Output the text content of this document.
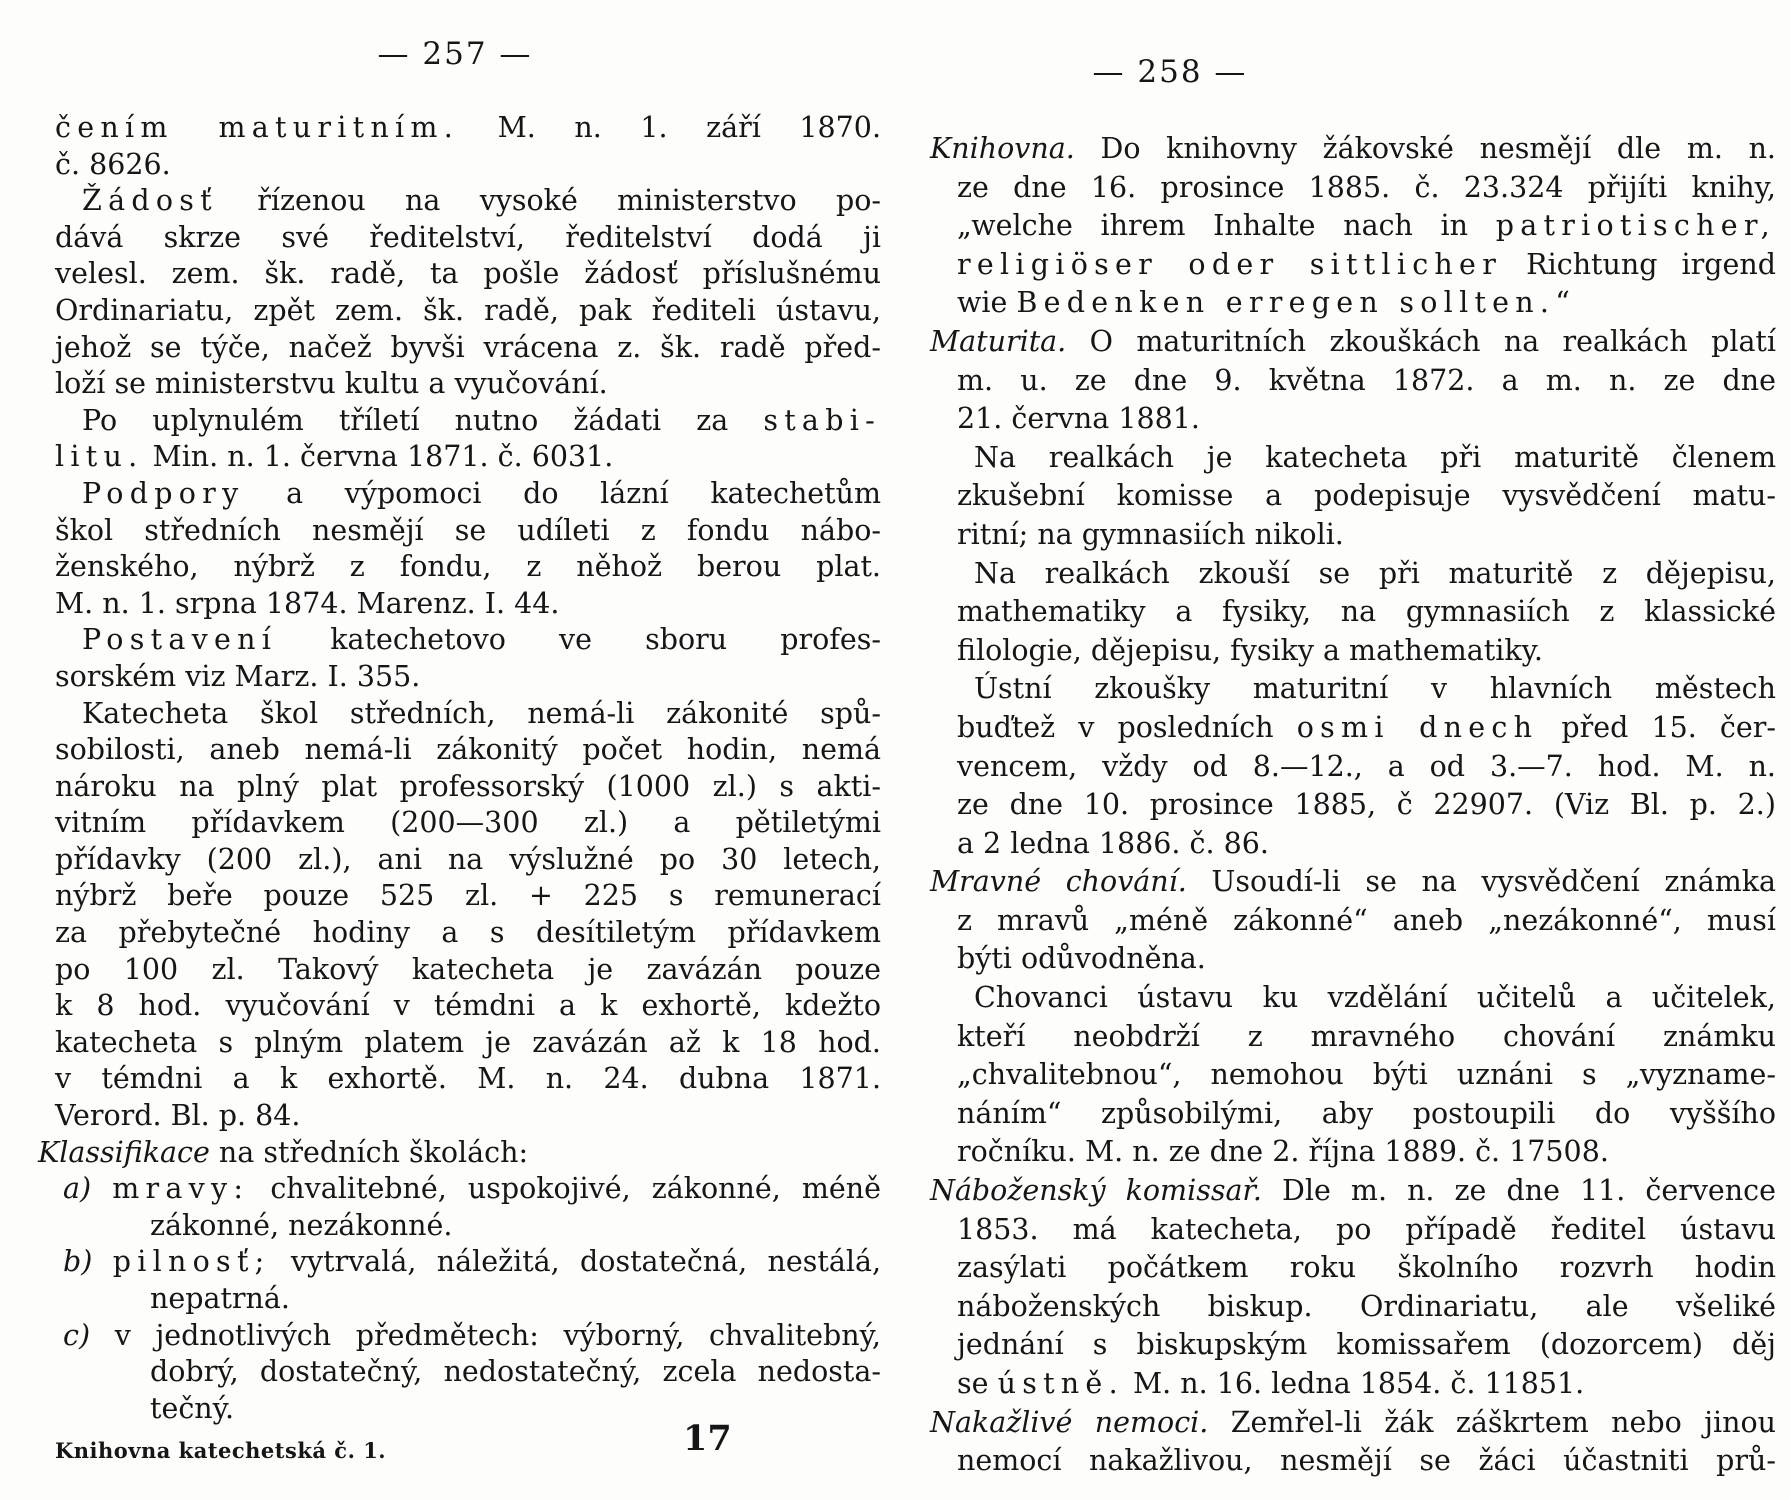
— 257 —	— 258 —
čením maturitním. M. n. 1. září 1870.
č. 8626.
Žádosť řízenou na vysoké ministerstvo po-
dává skrze své ředitelství, ředitelství dodá ji
velesl. zem. šk. radě, ta pošle žádosť příslušnému
Ordinariatu, zpět zem. šk. radě, pak řediteli ústavu,
jehož se týče, načež byvši vrácena z. šk. radě před-
loží se ministerstvu kultu a vyučování.
Po uplynulém tříletí nutno žádati za stabi-
litu. Min. n. 1. června 1871. č. 6031.
Podpory a výpomoci do lázní katechetům
škol středních nesmějí se udíleti z fondu nábo-
ženského, nýbrž z fondu, z něhož berou plat.
M. n. 1. srpna 1874. Marenz. I. 44.
Postavení katechetovo ve sboru profes-
sorském viz Marz. I. 355.
Katecheta škol středních, nemá-li zákonité spů-
sobilosti, aneb nemá-li zákonitý počet hodin, nemá
nároku na plný plat professorský (1000 zl.) s akti-
vitním přídavkem (200—300 zl.) a pětiletými
přídavky (200 zl.), ani na výslužné po 30 letech,
nýbrž beře pouze 525 zl. + 225 s remunerací
za přebytečné hodiny a s desítiletým přídavkem
po 100 zl. Takový katecheta je zavázán pouze
k 8 hod. vyučování v témdni a k exhortě, kdežto
katecheta s plným platem je zavázán až k 18 hod.
v témdni a k exhortě. M. n. 24. dubna 1871.
Verord. Bl. p. 84.
Klassifikace na středních školách:
a) mravy: chvalitebné, uspokojivé, zákonné, méně
zákonné, nezákonné.
b) pilnosť; vytrvalá, náležitá, dostatečná, nestálá,
nepatrná.
c) v jednotlivých předmětech: výborný, chvalitebný,
dobrý, dostatečný, nedostatečný, zcela nedosta-
tečný.
Knihovna. Do knihovny žákovské nesmějí dle m. n.
ze dne 16. prosince 1885. č. 23.324 přijíti knihy,
„welche ihrem Inhalte nach in patriotischer,
religiöser oder sittlicher Richtung irgend
wie Bedenken erregen sollten.“
Maturita. O maturitních zkouškách na realkách platí
m. u. ze dne 9. května 1872. a m. n. ze dne
21. června 1881.
Na realkách je katecheta při maturitě členem
zkušební komisse a podepisuje vysvědčení matu-
ritní; na gymnasiích nikoli.
Na realkách zkouší se při maturitě z dějepisu,
mathematiky a fysiky, na gymnasiích z klassické
filologie, dějepisu, fysiky a mathematiky.
Ústní zkoušky maturitní v hlavních městech
buďtež v posledních osmi dnech před 15. čer-
vencem, vždy od 8.—12., a od 3.—7. hod. M. n.
ze dne 10. prosince 1885, č 22907. (Viz Bl. p. 2.)
a 2 ledna 1886. č. 86.
Mravné chování. Usoudí-li se na vysvědčení známka
z mravů „méně zákonné“ aneb „nezákonné“, musí
býti odůvodněna.
Chovanci ústavu ku vzdělání učitelů a učitelek,
kteří neobdrží z mravného chování známku
„chvalitebnou“, nemohou býti uznáni s „vyzname-
náním“ způsobilými, aby postoupili do vyššího
ročníku. M. n. ze dne 2. října 1889. č. 17508.
Náboženský komissař. Dle m. n. ze dne 11. července
1853. má katecheta, po případě ředitel ústavu
zasýlati počátkem roku školního rozvrh hodin
náboženských biskup. Ordinariatu, ale všeliké
jednání s biskupským komissařem (dozorcem) děj
se ústně. M. n. 16. ledna 1854. č. 11851.
Nakažlivé nemoci. Zemřel-li žák záškrtem nebo jinou
nemocí nakažlivou, nesmějí se žáci účastniti prů-
Knihovna katechetská č. 1.	17
